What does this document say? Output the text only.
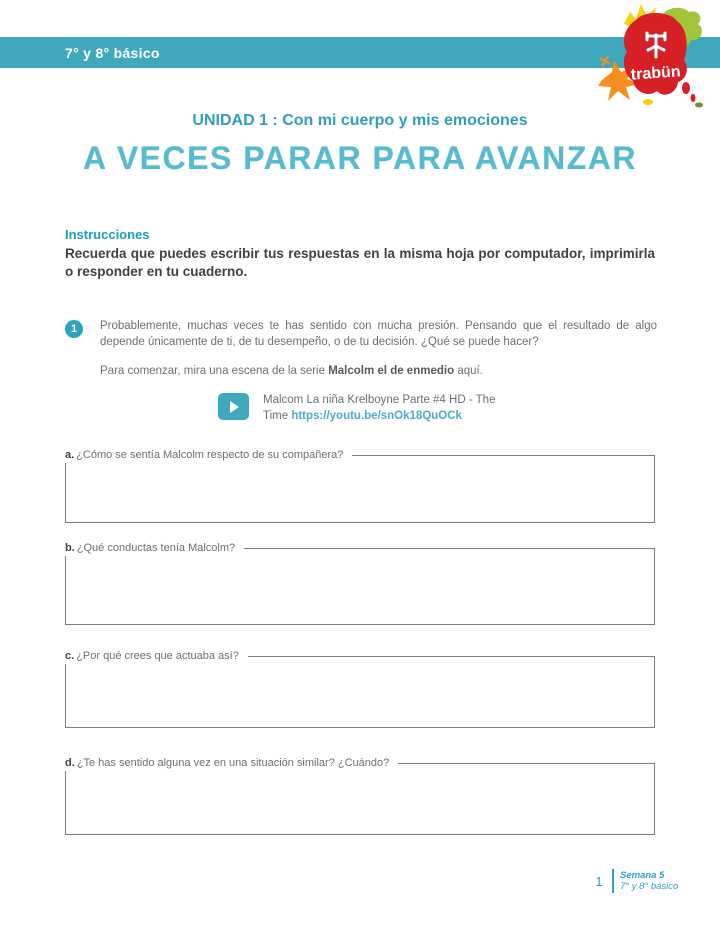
7° y 8° básico
trabün
UNIDAD 1 : Con mi cuerpo y mis emociones
A VECES PARAR PARA AVANZAR
Instrucciones
Recuerda que puedes escribir tus respuestas en la misma hoja por computador, imprimirla o responder en tu cuaderno.
1	Probablemente, muchas veces te has sentido con mucha presión. Pensando que el resultado de algo depende únicamente de ti, de tu desempeño, o de tu decisión. ¿Qué se puede hacer?
Para comenzar, mira una escena de la serie Malcolm el de enmedio aquí.
Malcom La niña Krelboyne Parte #4 HD - The Time https://youtu.be/snOk18QuOCk
a. ¿Cómo se sentía Malcolm respecto de su compañera?
b. ¿Qué conductas tenía Malcolm?
c. ¿Por qué crees que actuaba así?
d. ¿Te has sentido alguna vez en una situación similar? ¿Cuándo?
1	Semana 5
7° y 8° básico
